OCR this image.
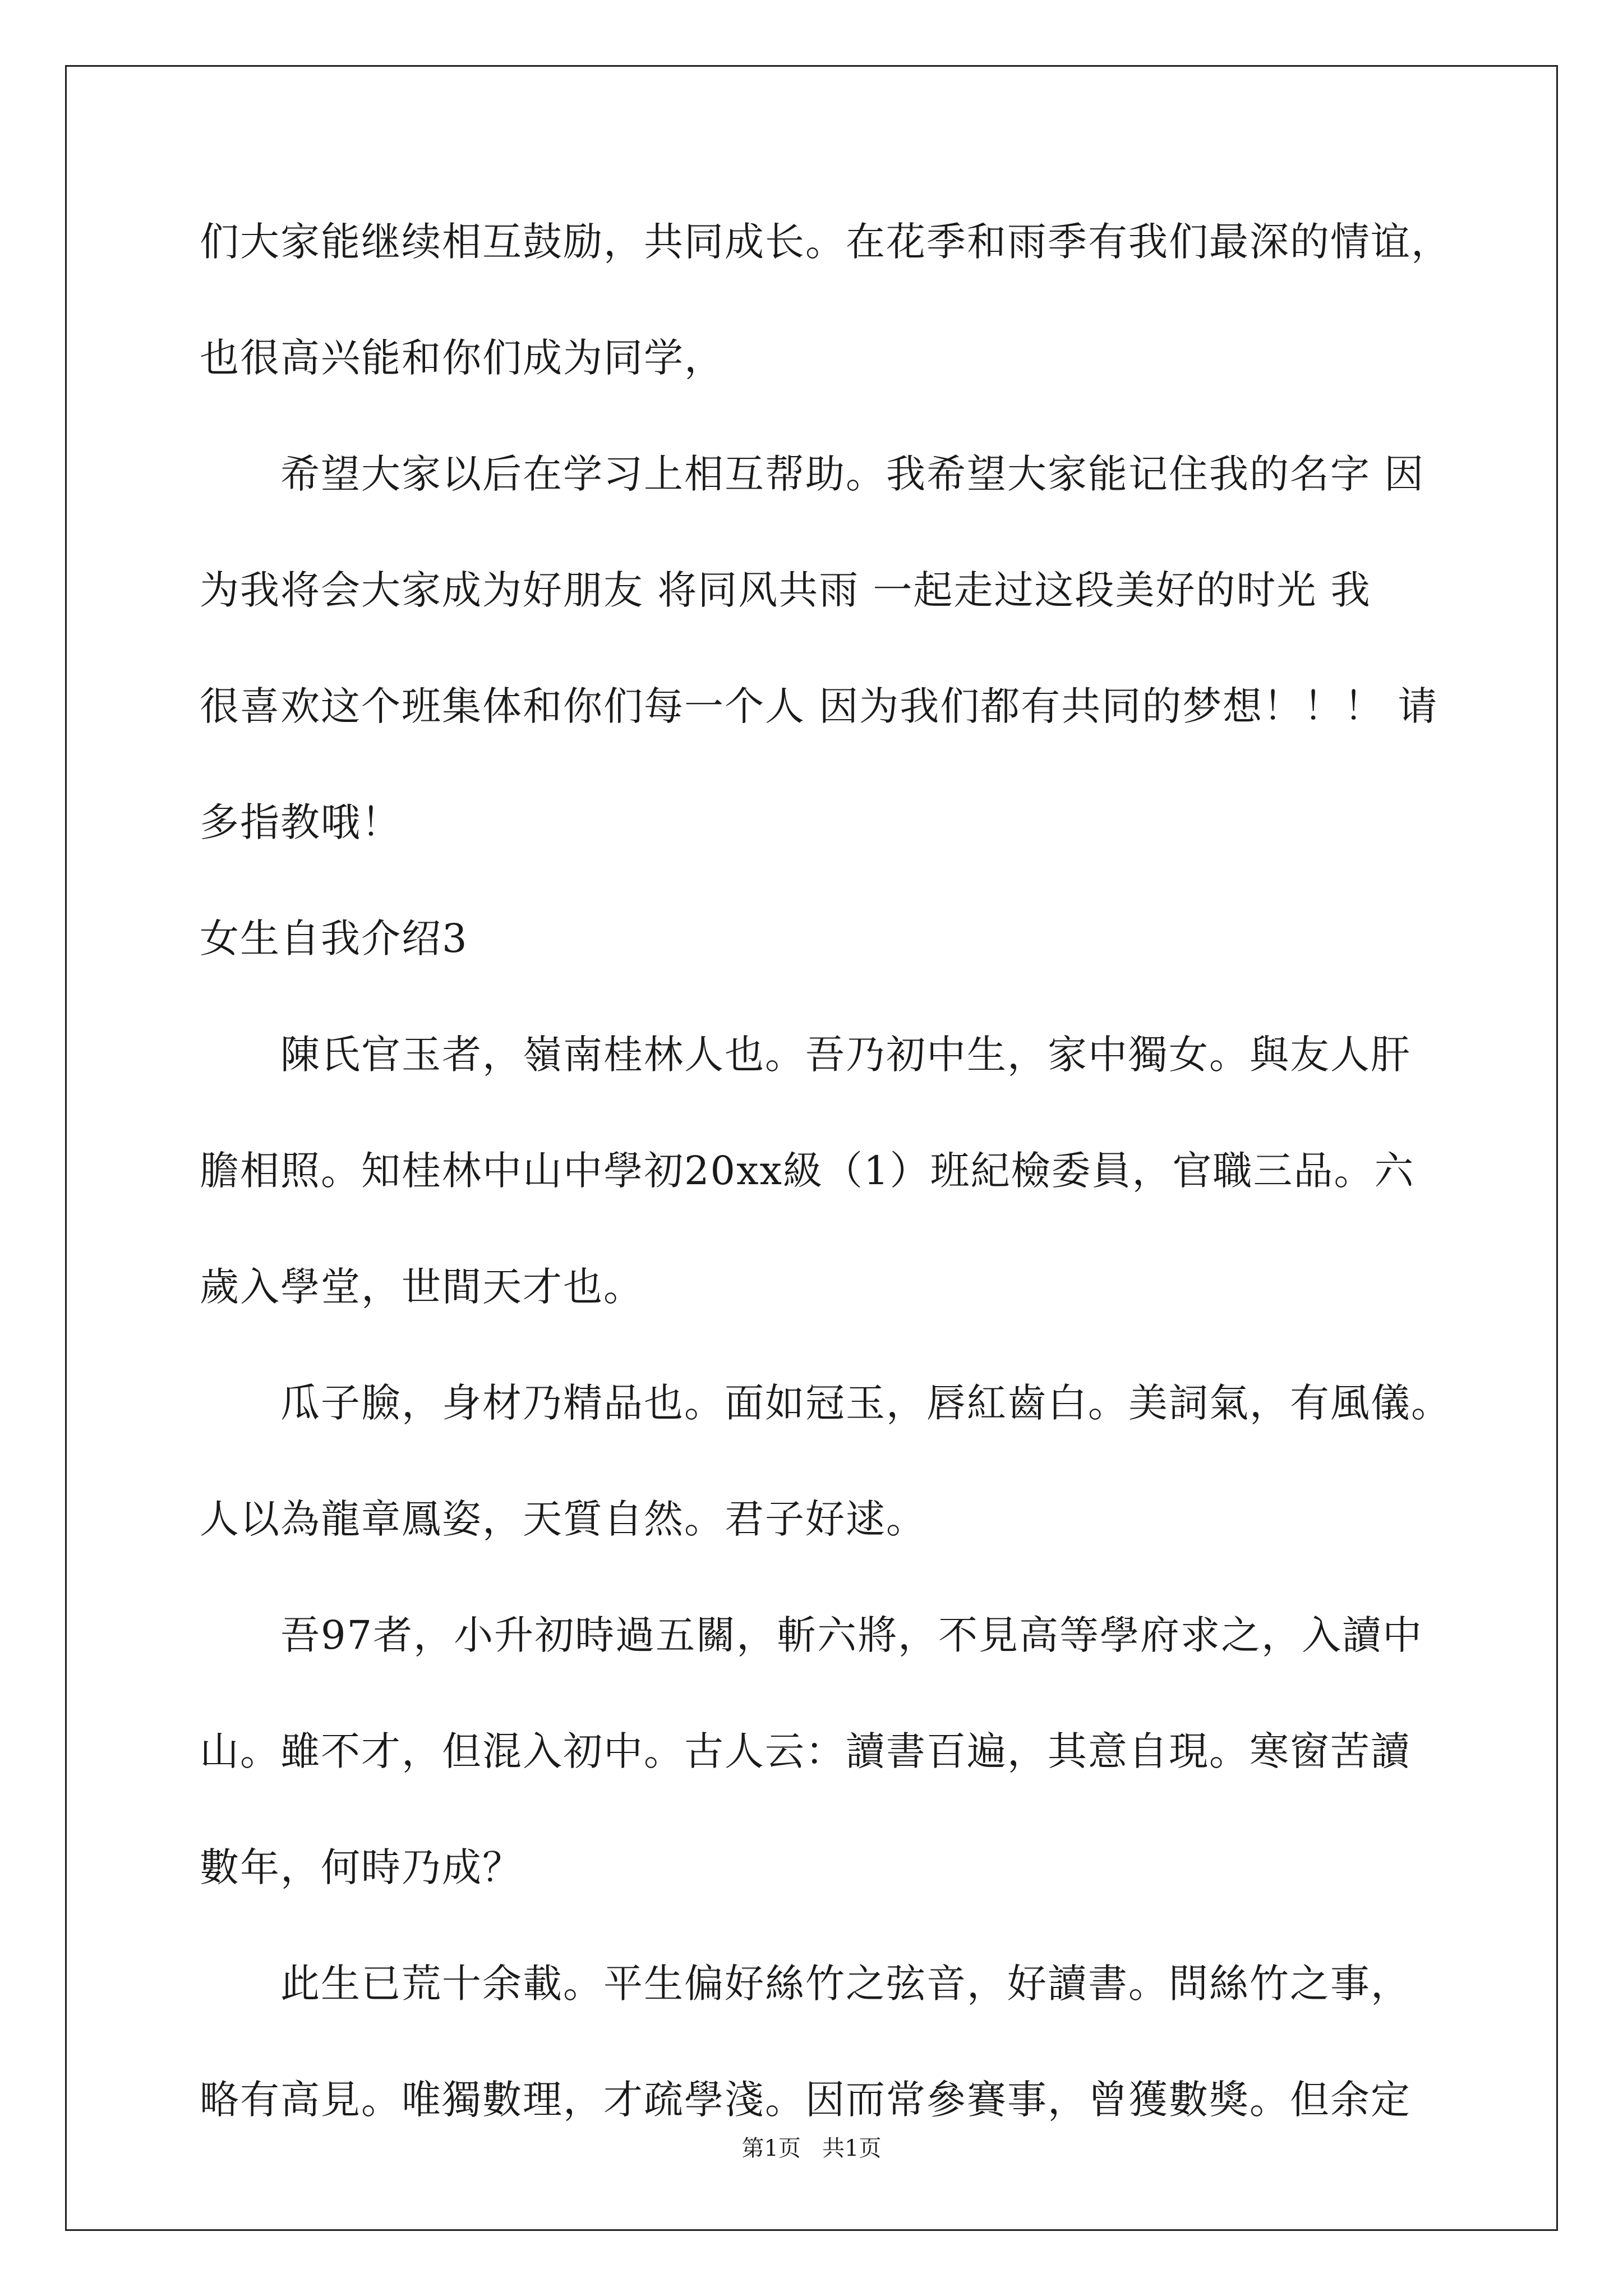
们大家能继续相互鼓励，共同成长。在花季和雨季有我们最深的情谊，
也很高兴能和你们成为同学，
　　希望大家以后在学习上相互帮助。我希望大家能记住我的名字 因
为我将会大家成为好朋友 将同风共雨 一起走过这段美好的时光 我
很喜欢这个班集体和你们每一个人 因为我们都有共同的梦想！！！ 请
多指教哦！
女生自我介绍3
　　陳氏官玉者，嶺南桂林人也。吾乃初中生，家中獨女。與友人肝
膽相照。知桂林中山中學初20xx級（1）班紀檢委員，官職三品。六
歲入學堂，世間天才也。
　　瓜子臉，身材乃精品也。面如冠玉，唇紅齒白。美詞氣，有風儀。
人以為龍章鳳姿，天質自然。君子好逑。
　　吾97者，小升初時過五關，斬六將，不見高等學府求之，入讀中
山。雖不才，但混入初中。古人云：讀書百遍，其意自現。寒窗苦讀
數年，何時乃成？
　　此生已荒十余載。平生偏好絲竹之弦音，好讀書。問絲竹之事，
略有高見。唯獨數理，才疏學淺。因而常參賽事，曾獲數獎。但余定
第1页   共1页
